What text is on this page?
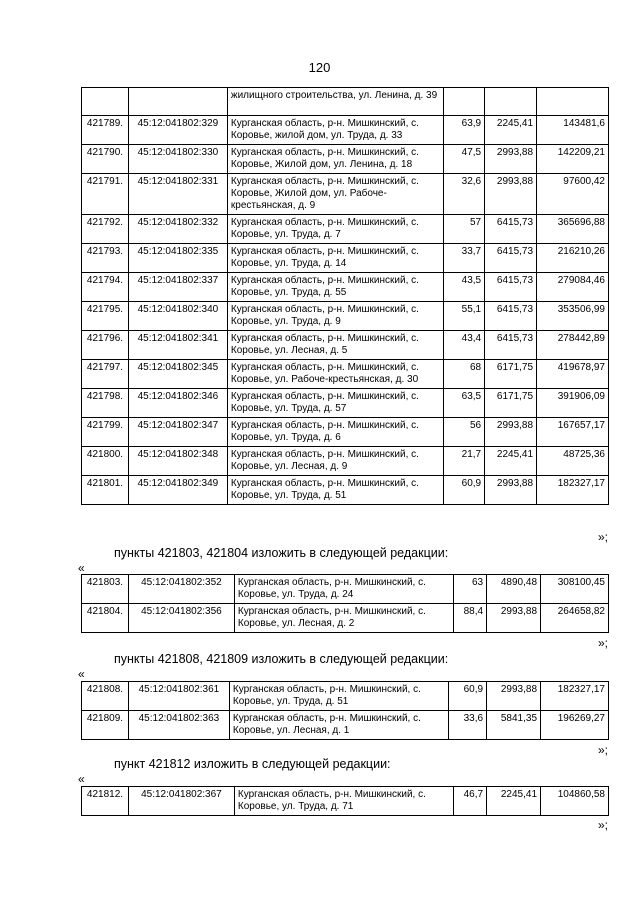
120
		жилищного строительства, ул. Ленина, д. 39			
421789.	45:12:041802:329	Курганская область, р-н. Мишкинский, с. Коровье, жилой дом, ул. Труда, д. 33	63,9	2245,41	143481,6
421790.	45:12:041802:330	Курганская область, р-н. Мишкинский, с. Коровье, Жилой дом, ул. Ленина, д. 18	47,5	2993,88	142209,21
421791.	45:12:041802:331	Курганская область, р-н. Мишкинский, с. Коровье, Жилой дом, ул. Рабоче-крестьянская, д. 9	32,6	2993,88	97600,42
421792.	45:12:041802:332	Курганская область, р-н. Мишкинский, с. Коровье, ул. Труда, д. 7	57	6415,73	365696,88
421793.	45:12:041802:335	Курганская область, р-н. Мишкинский, с. Коровье, ул. Труда, д. 14	33,7	6415,73	216210,26
421794.	45:12:041802:337	Курганская область, р-н. Мишкинский, с. Коровье, ул. Труда, д. 55	43,5	6415,73	279084,46
421795.	45:12:041802:340	Курганская область, р-н. Мишкинский, с. Коровье, ул. Труда, д. 9	55,1	6415,73	353506,99
421796.	45:12:041802:341	Курганская область, р-н. Мишкинский, с. Коровье, ул. Лесная, д. 5	43,4	6415,73	278442,89
421797.	45:12:041802:345	Курганская область, р-н. Мишкинский, с. Коровье, ул. Рабоче-крестьянская, д. 30	68	6171,75	419678,97
421798.	45:12:041802:346	Курганская область, р-н. Мишкинский, с. Коровье, ул. Труда, д. 57	63,5	6171,75	391906,09
421799.	45:12:041802:347	Курганская область, р-н. Мишкинский, с. Коровье, ул. Труда, д. 6	56	2993,88	167657,17
421800.	45:12:041802:348	Курганская область, р-н. Мишкинский, с. Коровье, ул. Лесная, д. 9	21,7	2245,41	48725,36
421801.	45:12:041802:349	Курганская область, р-н. Мишкинский, с. Коровье, ул. Труда, д. 51	60,9	2993,88	182327,17
»;
пункты 421803, 421804 изложить в следующей редакции:
«
421803.	45:12:041802:352	Курганская область, р-н. Мишкинский, с. Коровье, ул. Труда, д. 24	63	4890,48	308100,45
421804.	45:12:041802:356	Курганская область, р-н. Мишкинский, с. Коровье, ул. Лесная, д. 2	88,4	2993,88	264658,82
»;
пункты 421808, 421809 изложить в следующей редакции:
«
421808.	45:12:041802:361	Курганская область, р-н. Мишкинский, с. Коровье, ул. Труда, д. 51	60,9	2993,88	182327,17
421809.	45:12:041802:363	Курганская область, р-н. Мишкинский, с. Коровье, ул. Лесная, д. 1	33,6	5841,35	196269,27
»;
пункт 421812 изложить в следующей редакции:
«
421812.	45:12:041802:367	Курганская область, р-н. Мишкинский, с. Коровье, ул. Труда, д. 71	46,7	2245,41	104860,58
»;
